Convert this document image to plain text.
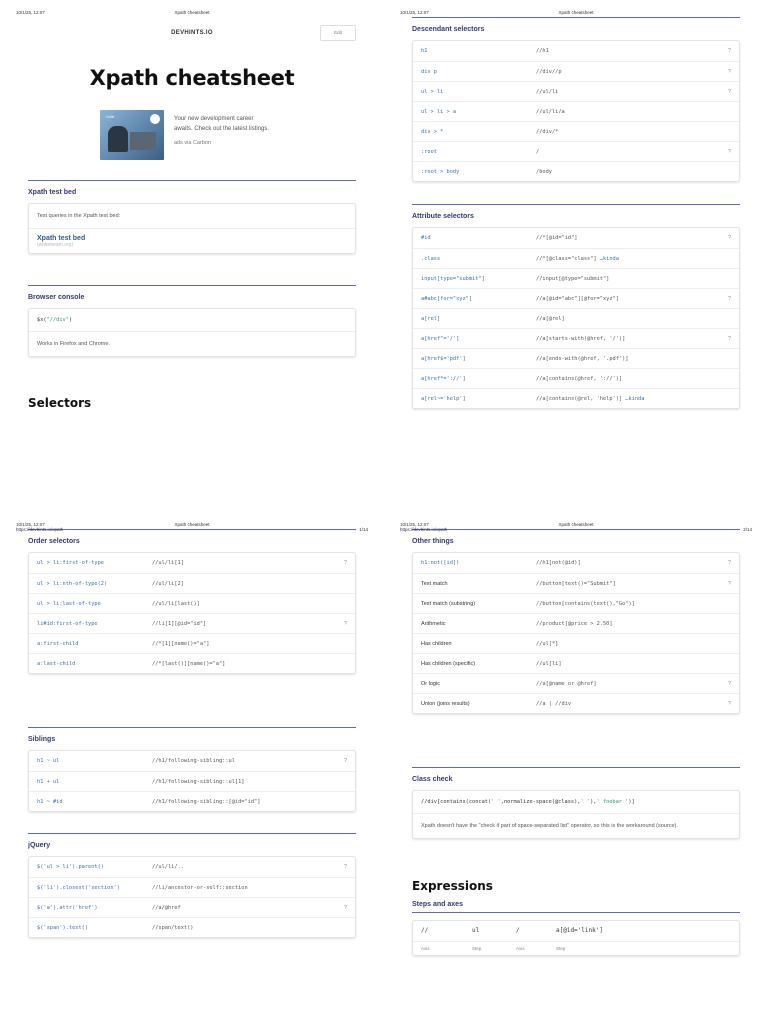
10/1/25, 12:07	Xpath cheatsheet
DEVHINTS.IO	Edit
Xpath cheatsheet
Vultr	Your new development career
awaits. Check out the latest listings.
ads via Carbon
Xpath test bed
Test queries in the Xpath test bed:
Xpath test bed
(whitebeam.org)
Browser console
$x("//div")
Works in Firefox and Chrome.
Selectors
10/1/25, 12:07	Xpath cheatsheet
Descendant selectors
h1	//h1	?
div p	//div//p	?
ul > li	//ul/li	?
ul > li > a	//ul/li/a
div > *	//div/*
:root	/	?
:root > body	/body
Attribute selectors
#id	//*[@id="id"]	?
.class	//*[@class="class"] …kinda
input[type="submit"]	//input[@type="submit"]
a#abc[for="xyz"]	//a[@id="abc"][@for="xyz"]	?
a[rel]	//a[@rel]
a[href^='/']	//a[starts-with(@href, '/')]	?
a[href$='pdf']	//a[ends-with(@href, '.pdf')]
a[href*='://']	//a[contains(@href, '://')]
a[rel~='help']	//a[contains(@rel, 'help')] …kinda
10/1/25, 12:07	Xpath cheatsheet
Order selectors
ul > li:first-of-type	//ul/li[1]	?
ul > li:nth-of-type(2)	//ul/li[2]
ul > li:last-of-type	//ul/li[last()]
li#id:first-of-type	//li[1][@id="id"]	?
a:first-child	//*[1][name()="a"]
a:last-child	//*[last()][name()="a"]
Siblings
h1 ~ ul	//h1/following-sibling::ul	?
h1 + ul	//h1/following-sibling::ul[1]
h1 ~ #id	//h1/following-sibling::[@id="id"]
jQuery
$('ul > li').parent()	//ul/li/..	?
$('li').closest('section')	//li/ancestor-or-self::section
$('a').attr('href')	//a/@href	?
$('span').text()	//span/text()
10/1/25, 12:07	Xpath cheatsheet
Other things
h1:not([id])	//h1[not(@id)]	?
Text match	//button[text()="Submit"]	?
Text match (substring)	//button[contains(text(),"Go")]
Arithmetic	//product[@price > 2.50]
Has children	//ul[*]
Has children (specific)	//ul[li]
Or logic	//a[@name or @href]	?
Union (joins results)	//a | //div	?
Class check
//div[contains(concat(' ',normalize-space(@class),' '),' foobar ')]
Xpath doesn't have the "check if part of space-separated list" operator, so this is the workaround (source).
Expressions
Steps and axes
//	ul	/	a[@id='link']
Axis	Step	Axis	Step
https://devhints.io/xpath	1/14	https://devhints.io/xpath	2/14
